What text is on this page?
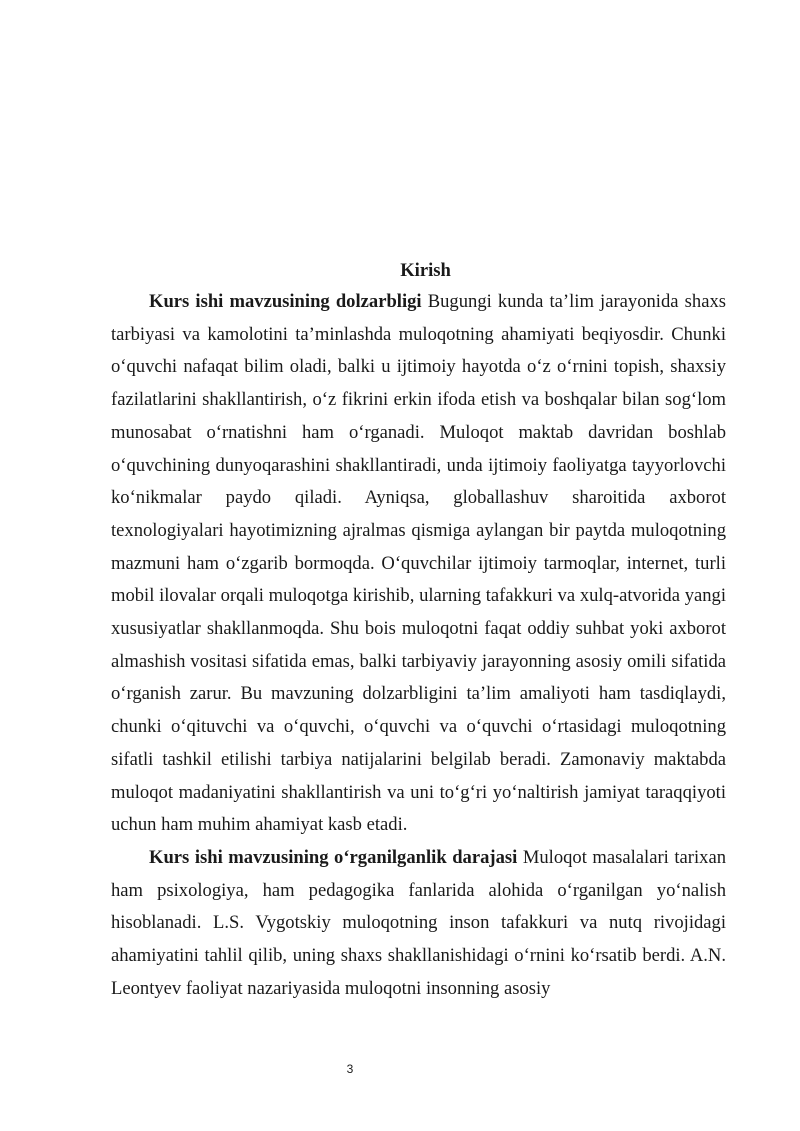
Kirish

Kurs ishi mavzusining dolzarbligi Bugungi kunda ta’lim jarayonida shaxs tarbiyasi va kamolotini ta’minlashda muloqotning ahamiyati beqiyosdir. Chunki o‘quvchi nafaqat bilim oladi, balki u ijtimoiy hayotda o‘z o‘rnini topish, shaxsiy fazilatlarini shakllantirish, o‘z fikrini erkin ifoda etish va boshqalar bilan sog‘lom munosabat o‘rnatishni ham o‘rganadi. Muloqot maktab davridan boshlab o‘quvchining dunyoqarashini shakllantiradi, unda ijtimoiy faoliyatga tayyorlovchi ko‘nikmalar paydo qiladi. Ayniqsa, globallashuv sharoitida axborot texnologiyalari hayotimizning ajralmas qismiga aylangan bir paytda muloqotning mazmuni ham o‘zgarib bormoqda. O‘quvchilar ijtimoiy tarmoqlar, internet, turli mobil ilovalar orqali muloqotga kirishib, ularning tafakkuri va xulq-atvorida yangi xususiyatlar shakllanmoqda. Shu bois muloqotni faqat oddiy suhbat yoki axborot almashish vositasi sifatida emas, balki tarbiyaviy jarayonning asosiy omili sifatida o‘rganish zarur. Bu mavzuning dolzarbligini ta’lim amaliyoti ham tasdiqlaydi, chunki o‘qituvchi va o‘quvchi, o‘quvchi va o‘quvchi o‘rtasidagi muloqotning sifatli tashkil etilishi tarbiya natijalarini belgilab beradi. Zamonaviy maktabda muloqot madaniyatini shakllantirish va uni to‘g‘ri yo‘naltirish jamiyat taraqqiyoti uchun ham muhim ahamiyat kasb etadi.

Kurs ishi mavzusining o‘rganilganlik darajasi Muloqot masalalari tarixan ham psixologiya, ham pedagogika fanlarida alohida o‘rganilgan yo‘nalish hisoblanadi. L.S. Vygotskiy muloqotning inson tafakkuri va nutq rivojidagi ahamiyatini tahlil qilib, uning shaxs shakllanishidagi o‘rnini ko‘rsatib berdi. A.N. Leontyev faoliyat nazariyasida muloqotni insonning asosiy

3
